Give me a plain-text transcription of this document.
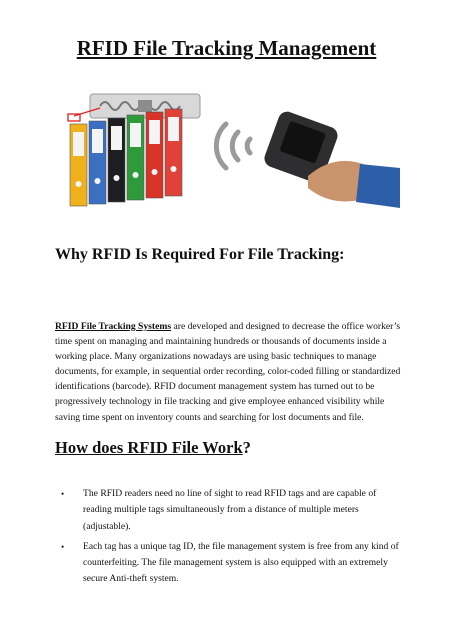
RFID File Tracking Management
Why RFID Is Required For File Tracking:

RFID File Tracking Systems are developed and designed to decrease the office worker’s time spent on managing and maintaining hundreds or thousands of documents inside a working place. Many organizations nowadays are using basic techniques to manage documents, for example, in sequential order recording, color-coded filling or standardized identifications (barcode). RFID document management system has turned out to be progressively technology in file tracking and give employee enhanced visibility while saving time spent on inventory counts and searching for lost documents and file.

How does RFID File Work?
• The RFID readers need no line of sight to read RFID tags and are capable of reading multiple tags simultaneously from a distance of multiple meters (adjustable).
• Each tag has a unique tag ID, the file management system is free from any kind of counterfeiting. The file management system is also equipped with an extremely secure Anti-theft system.
